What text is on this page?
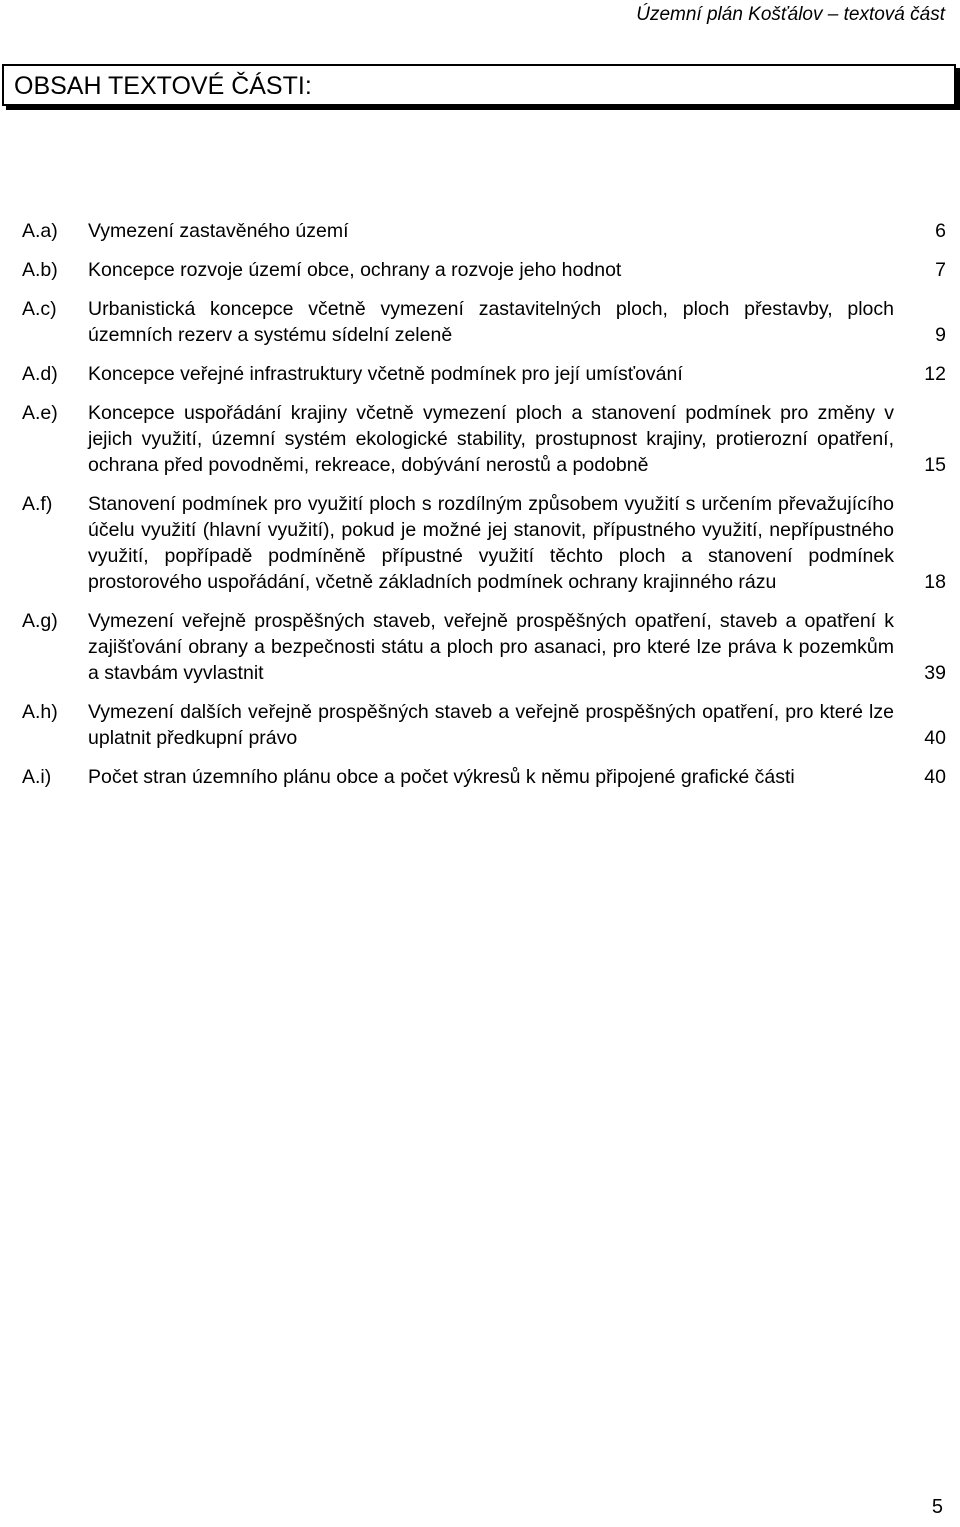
Územní plán Košťálov – textová část
OBSAH TEXTOVÉ ČÁSTI:
A.a)	Vymezení zastavěného území	6
A.b)	Koncepce rozvoje území obce, ochrany a rozvoje jeho hodnot	7
A.c)	Urbanistická koncepce včetně vymezení zastavitelných ploch, ploch přestavby, ploch územních rezerv a systému sídelní zeleně	9
A.d)	Koncepce veřejné infrastruktury včetně podmínek pro její umísťování	12
A.e)	Koncepce uspořádání krajiny včetně vymezení ploch a stanovení podmínek pro změny v jejich využití, územní systém ekologické stability, prostupnost krajiny, protierozní opatření, ochrana před povodněmi, rekreace, dobývání nerostů a podobně	15
A.f)	Stanovení podmínek pro využití ploch s rozdílným způsobem využití s určením převažujícího účelu využití (hlavní využití), pokud je možné jej stanovit, přípustného využití, nepřípustného využití, popřípadě podmíněně přípustné využití těchto ploch a stanovení podmínek prostorového uspořádání, včetně základních podmínek ochrany krajinného rázu	18
A.g)	Vymezení veřejně prospěšných staveb, veřejně prospěšných opatření, staveb a opatření k zajišťování obrany a bezpečnosti státu a ploch pro asanaci, pro které lze práva k pozemkům a stavbám vyvlastnit	39
A.h)	Vymezení dalších veřejně prospěšných staveb a veřejně prospěšných opatření, pro které lze uplatnit předkupní právo	40
A.i)	Počet stran územního plánu obce a počet výkresů k němu připojené grafické části	40
5
